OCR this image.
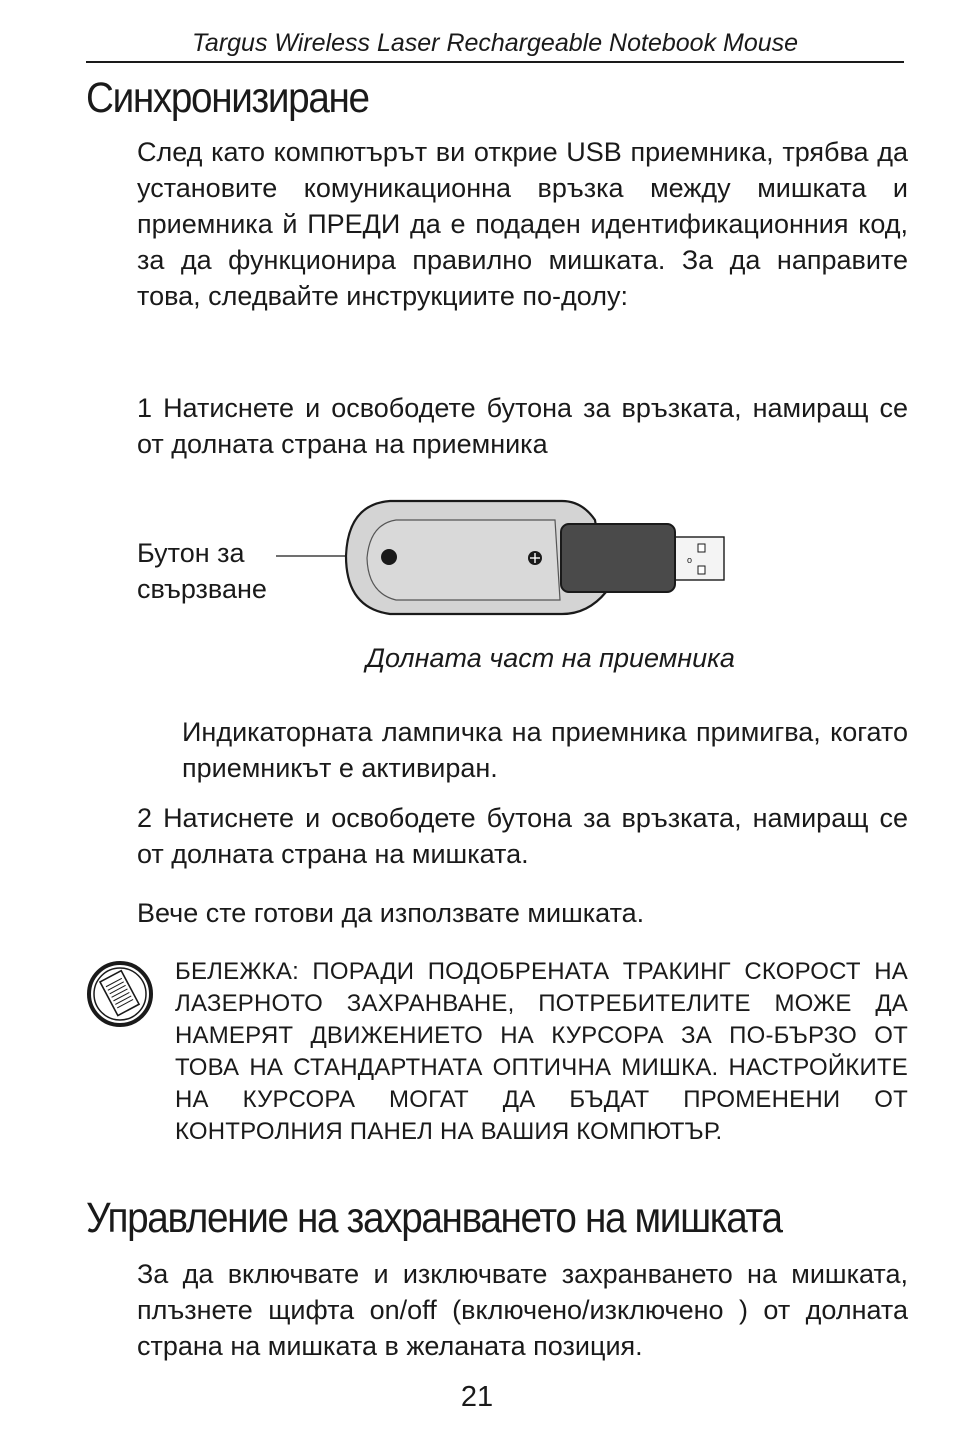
Targus Wireless Laser Rechargeable Notebook Mouse
Синхронизиране

След като компютърът ви открие USB приемника, трябва да установите комуникационна връзка между мишката и приемника й ПРЕДИ да е подаден идентификационния код, за да функционира правилно мишката. За да направите това, следвайте инструкциите по-долу:

1 Натиснете и освободете бутона за връзката, намиращ се от долната страна на приемника

Бутон за
свързване
o
Долната част на приемника

Индикаторната лампичка на приемника примигва, когато приемникът е активиран.

2 Натиснете и освободете бутона за връзката, намиращ се от долната страна на мишката.

Вече сте готови да използвате мишката.

БЕЛЕЖКА: ПОРАДИ ПОДОБРЕНАТА ТРАКИНГ СКОРОСТ НА ЛАЗЕРНОТО ЗАХРАНВАНЕ, ПОТРЕБИТЕЛИТЕ МОЖЕ ДА НАМЕРЯТ ДВИЖЕНИЕТО НА КУРСОРА ЗА ПО-БЪРЗО ОТ ТОВА НА СТАНДАРТНАТА ОПТИЧНА МИШКА. НАСТРОЙКИТЕ НА КУРСОРА МОГАТ ДА БЪДАТ ПРОМЕНЕНИ ОТ КОНТРОЛНИЯ ПАНЕЛ НА ВАШИЯ КОМПЮТЪР.

Управление на захранването на мишката

За да включвате и изключвате захранването на мишката, плъзнете щифта on/off (включено/изключено ) от долната страна на мишката в желаната позиция.

21
